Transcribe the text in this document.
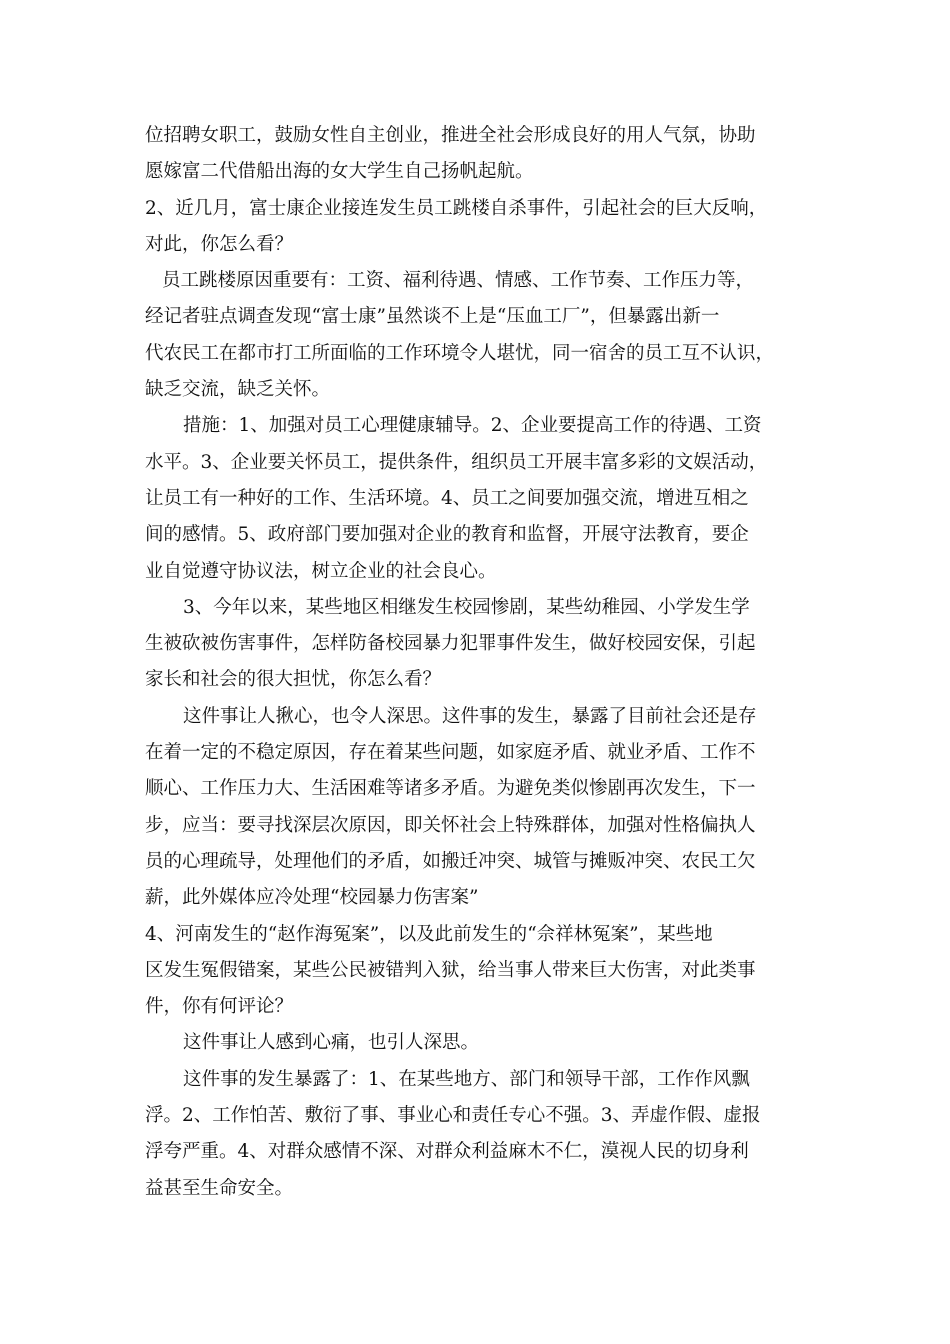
位招聘女职工，鼓励女性自主创业，推进全社会形成良好的用人气氛，协助
愿嫁富二代借船出海的女大学生自己扬帆起航。
2、近几月，富士康企业接连发生员工跳楼自杀事件，引起社会的巨大反响，
对此，你怎么看？
员工跳楼原因重要有：工资、福利待遇、情感、工作节奏、工作压力等，
经记者驻点调查发现“富士康”虽然谈不上是“压血工厂”，但暴露出新一
代农民工在都市打工所面临的工作环境令人堪忧，同一宿舍的员工互不认识，
缺乏交流，缺乏关怀。
措施：1、加强对员工心理健康辅导。2、企业要提高工作的待遇、工资
水平。3、企业要关怀员工，提供条件，组织员工开展丰富多彩的文娱活动，
让员工有一种好的工作、生活环境。4、员工之间要加强交流，增进互相之
间的感情。5、政府部门要加强对企业的教育和监督，开展守法教育，要企
业自觉遵守协议法，树立企业的社会良心。
3、今年以来，某些地区相继发生校园惨剧，某些幼稚园、小学发生学
生被砍被伤害事件，怎样防备校园暴力犯罪事件发生，做好校园安保，引起
家长和社会的很大担忧，你怎么看？
这件事让人揪心，也令人深思。这件事的发生，暴露了目前社会还是存
在着一定的不稳定原因，存在着某些问题，如家庭矛盾、就业矛盾、工作不
顺心、工作压力大、生活困难等诸多矛盾。为避免类似惨剧再次发生，下一
步，应当：要寻找深层次原因，即关怀社会上特殊群体，加强对性格偏执人
员的心理疏导，处理他们的矛盾，如搬迁冲突、城管与摊贩冲突、农民工欠
薪，此外媒体应冷处理“校园暴力伤害案”
4、河南发生的“赵作海冤案”，以及此前发生的“佘祥林冤案”，某些地
区发生冤假错案，某些公民被错判入狱，给当事人带来巨大伤害，对此类事
件，你有何评论？
这件事让人感到心痛，也引人深思。
这件事的发生暴露了：1、在某些地方、部门和领导干部，工作作风飘
浮。2、工作怕苦、敷衍了事、事业心和责任专心不强。3、弄虚作假、虚报
浮夸严重。4、对群众感情不深、对群众利益麻木不仁，漠视人民的切身利
益甚至生命安全。
